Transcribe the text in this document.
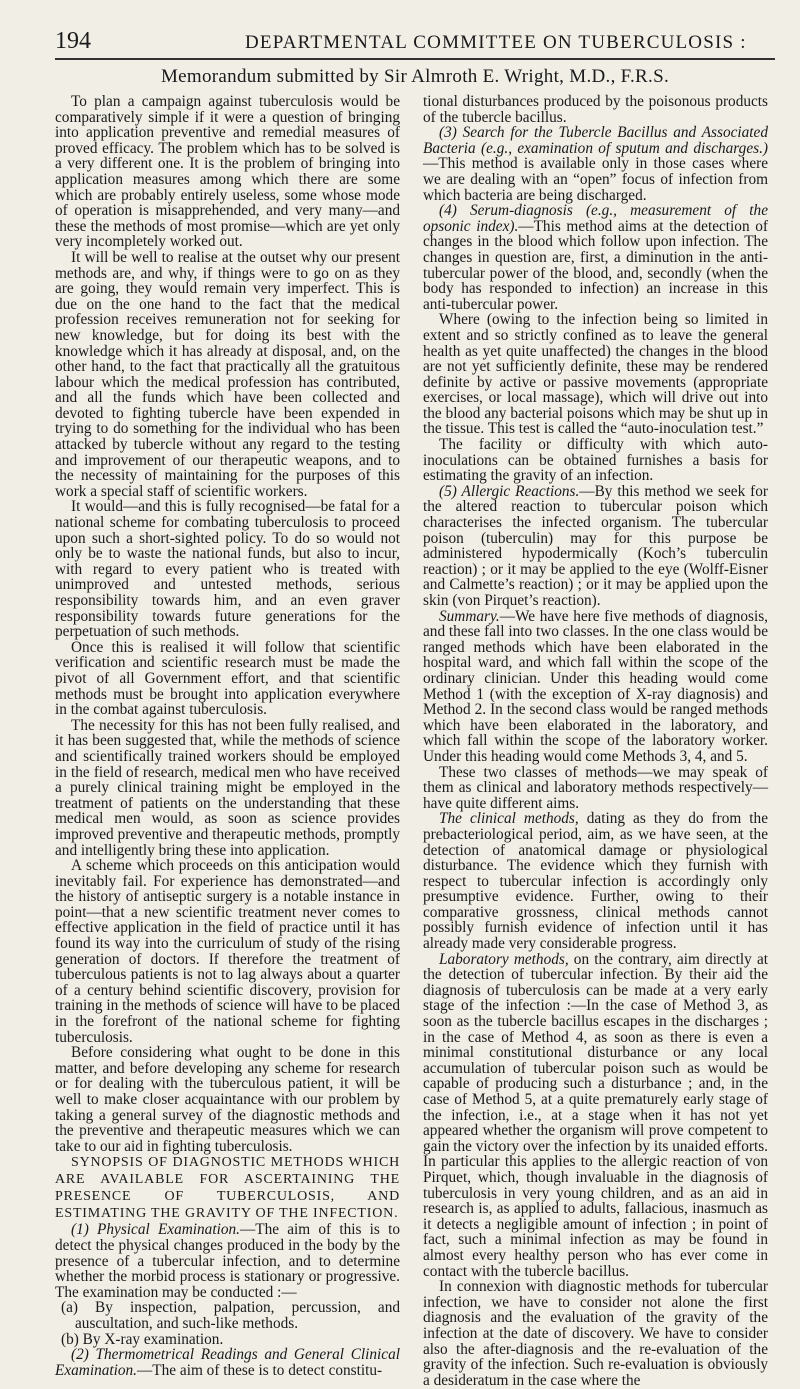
194	DEPARTMENTAL COMMITTEE ON TUBERCULOSIS :
Memorandum submitted by Sir Almroth E. Wright, M.D., F.R.S.

To plan a campaign against tuberculosis would be comparatively simple if it were a question of bringing into application preventive and remedial measures of proved efficacy. The problem which has to be solved is a very different one. It is the problem of bringing into application measures among which there are some which are probably entirely useless, some whose mode of operation is misapprehended, and very many—and these the methods of most promise—which are yet only very incompletely worked out.

It will be well to realise at the outset why our present methods are, and why, if things were to go on as they are going, they would remain very imperfect. This is due on the one hand to the fact that the medical profession receives remuneration not for seeking for new knowledge, but for doing its best with the knowledge which it has already at disposal, and, on the other hand, to the fact that practically all the gratuitous labour which the medical profession has contributed, and all the funds which have been collected and devoted to fighting tubercle have been expended in trying to do something for the individual who has been attacked by tubercle without any regard to the testing and improvement of our therapeutic weapons, and to the necessity of maintaining for the purposes of this work a special staff of scientific workers.

It would—and this is fully recognised—be fatal for a national scheme for combating tuberculosis to proceed upon such a short-sighted policy. To do so would not only be to waste the national funds, but also to incur, with regard to every patient who is treated with unimproved and untested methods, serious responsibility towards him, and an even graver responsibility towards future generations for the perpetuation of such methods.

Once this is realised it will follow that scientific verification and scientific research must be made the pivot of all Government effort, and that scientific methods must be brought into application everywhere in the combat against tuberculosis.

The necessity for this has not been fully realised, and it has been suggested that, while the methods of science and scientifically trained workers should be employed in the field of research, medical men who have received a purely clinical training might be employed in the treatment of patients on the understanding that these medical men would, as soon as science provides improved preventive and therapeutic methods, promptly and intelligently bring these into application.

A scheme which proceeds on this anticipation would inevitably fail. For experience has demonstrated—and the history of antiseptic surgery is a notable instance in point—that a new scientific treatment never comes to effective application in the field of practice until it has found its way into the curriculum of study of the rising generation of doctors. If therefore the treatment of tuberculous patients is not to lag always about a quarter of a century behind scientific discovery, provision for training in the methods of science will have to be placed in the forefront of the national scheme for fighting tuberculosis.

Before considering what ought to be done in this matter, and before developing any scheme for research or for dealing with the tuberculous patient, it will be well to make closer acquaintance with our problem by taking a general survey of the diagnostic methods and the preventive and therapeutic measures which we can take to our aid in fighting tuberculosis.

SYNOPSIS OF DIAGNOSTIC METHODS WHICH ARE AVAILABLE FOR ASCERTAINING THE PRESENCE OF TUBERCULOSIS, AND ESTIMATING THE GRAVITY OF THE INFECTION.

(1) Physical Examination.—The aim of this is to detect the physical changes produced in the body by the presence of a tubercular infection, and to determine whether the morbid process is stationary or progressive. The examination may be conducted :—

(a) By inspection, palpation, percussion, and auscultation, and such-like methods.

(b) By X-ray examination.

(2) Thermometrical Readings and General Clinical Examination.—The aim of these is to detect constitu-

tional disturbances produced by the poisonous products of the tubercle bacillus.

(3) Search for the Tubercle Bacillus and Associated Bacteria (e.g., examination of sputum and discharges.)—This method is available only in those cases where we are dealing with an “open” focus of infection from which bacteria are being discharged.

(4) Serum-diagnosis (e.g., measurement of the opsonic index).—This method aims at the detection of changes in the blood which follow upon infection. The changes in question are, first, a diminution in the anti-tubercular power of the blood, and, secondly (when the body has responded to infection) an increase in this anti-tubercular power.

Where (owing to the infection being so limited in extent and so strictly confined as to leave the general health as yet quite unaffected) the changes in the blood are not yet sufficiently definite, these may be rendered definite by active or passive movements (appropriate exercises, or local massage), which will drive out into the blood any bacterial poisons which may be shut up in the tissue. This test is called the “auto-inoculation test.”

The facility or difficulty with which auto-inoculations can be obtained furnishes a basis for estimating the gravity of an infection.

(5) Allergic Reactions.—By this method we seek for the altered reaction to tubercular poison which characterises the infected organism. The tubercular poison (tuberculin) may for this purpose be administered hypodermically (Koch’s tuberculin reaction) ; or it may be applied to the eye (Wolff-Eisner and Calmette’s reaction) ; or it may be applied upon the skin (von Pirquet’s reaction).

Summary.—We have here five methods of diagnosis, and these fall into two classes. In the one class would be ranged methods which have been elaborated in the hospital ward, and which fall within the scope of the ordinary clinician. Under this heading would come Method 1 (with the exception of X-ray diagnosis) and Method 2. In the second class would be ranged methods which have been elaborated in the laboratory, and which fall within the scope of the laboratory worker. Under this heading would come Methods 3, 4, and 5.

These two classes of methods—we may speak of them as clinical and laboratory methods respectively—have quite different aims.

The clinical methods, dating as they do from the prebacteriological period, aim, as we have seen, at the detection of anatomical damage or physiological disturbance. The evidence which they furnish with respect to tubercular infection is accordingly only presumptive evidence. Further, owing to their comparative grossness, clinical methods cannot possibly furnish evidence of infection until it has already made very considerable progress.

Laboratory methods, on the contrary, aim directly at the detection of tubercular infection. By their aid the diagnosis of tuberculosis can be made at a very early stage of the infection :—In the case of Method 3, as soon as the tubercle bacillus escapes in the discharges ; in the case of Method 4, as soon as there is even a minimal constitutional disturbance or any local accumulation of tubercular poison such as would be capable of producing such a disturbance ; and, in the case of Method 5, at a quite prematurely early stage of the infection, i.e., at a stage when it has not yet appeared whether the organism will prove competent to gain the victory over the infection by its unaided efforts. In particular this applies to the allergic reaction of von Pirquet, which, though invaluable in the diagnosis of tuberculosis in very young children, and as an aid in research is, as applied to adults, fallacious, inasmuch as it detects a negligible amount of infection ; in point of fact, such a minimal infection as may be found in almost every healthy person who has ever come in contact with the tubercle bacillus.

In connexion with diagnostic methods for tubercular infection, we have to consider not alone the first diagnosis and the evaluation of the gravity of the infection at the date of discovery. We have to consider also the after-diagnosis and the re-evaluation of the gravity of the infection. Such re-evaluation is obviously a desideratum in the case where the
